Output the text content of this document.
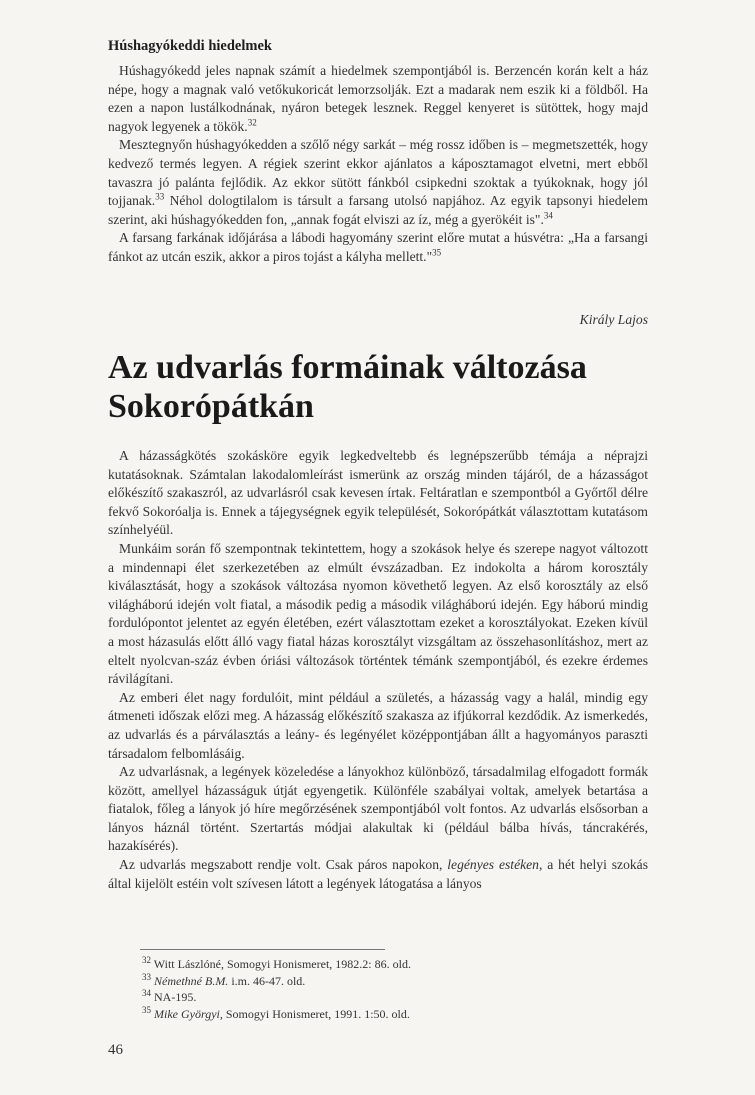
Húshagyókeddi hiedelmek

Húshagyókedd jeles napnak számít a hiedelmek szempontjából is. Berzencén korán kelt a ház népe, hogy a magnak való vetőkukoricát lemorzsolják. Ezt a madarak nem eszik ki a földből. Ha ezen a napon lustálkodnának, nyáron betegek lesznek. Reggel kenyeret is sütöttek, hogy majd nagyok legyenek a tökök.$^{32}$

Mesztegnyőn húshagyókedden a szőlő négy sarkát – még rossz időben is – megmetszették, hogy kedvező termés legyen. A régiek szerint ekkor ajánlatos a káposztamagot elvetni, mert ebből tavaszra jó palánta fejlődik. Az ekkor sütött fánkból csipkedni szoktak a tyúkoknak, hogy jól tojjanak.$^{33}$ Néhol dologtilalom is társult a farsang utolsó napjához. Az egyik tapsonyi hiedelem szerint, aki húshagyókedden fon, „annak fogát elviszi az íz, még a gyerökéit is".$^{34}$

A farsang farkának időjárása a lábodi hagyomány szerint előre mutat a húsvétra: „Ha a farsangi fánkot az utcán eszik, akkor a piros tojást a kályha mellett."$^{35}$

Király Lajos
Az udvarlás formáinak változása
Sokorópátkán

A házasságkötés szokásköre egyik legkedveltebb és legnépszerűbb témája a néprajzi kutatásoknak. Számtalan lakodalomleírást ismerünk az ország minden tájáról, de a házasságot előkészítő szakaszról, az udvarlásról csak kevesen írtak. Feltáratlan e szempontból a Győrtől délre fekvő Sokoróalja is. Ennek a tájegységnek egyik települését, Sokorópátkát választottam kutatásom színhelyéül.

Munkáim során fő szempontnak tekintettem, hogy a szokások helye és szerepe nagyot változott a mindennapi élet szerkezetében az elmúlt évszázadban. Ez indokolta a három korosztály kiválasztását, hogy a szokások változása nyomon követhető legyen. Az első korosztály az első világháború idején volt fiatal, a második pedig a második világháború idején. Egy háború mindig fordulópontot jelentet az egyén életében, ezért választottam ezeket a korosztályokat. Ezeken kívül a most házasulás előtt álló vagy fiatal házas korosztályt vizsgáltam az összehasonlításhoz, mert az eltelt nyolcvan-száz évben óriási változások történtek témánk szempontjából, és ezekre érdemes rávilágítani.

Az emberi élet nagy fordulóit, mint például a születés, a házasság vagy a halál, mindig egy átmeneti időszak előzi meg. A házasság előkészítő szakasza az ifjúkorral kezdődik. Az ismerkedés, az udvarlás és a párválasztás a leány- és legényélet középpontjában állt a hagyományos paraszti társadalom felbomlásáig.

Az udvarlásnak, a legények közeledése a lányokhoz különböző, társadalmilag elfogadott formák között, amellyel házasságuk útját egyengetik. Különféle szabályai voltak, amelyek betartása a fiatalok, főleg a lányok jó híre megőrzésének szempontjából volt fontos. Az udvarlás elsősorban a lányos háznál történt. Szertartás módjai alakultak ki (például bálba hívás, táncrakérés, hazakísérés).

Az udvarlás megszabott rendje volt. Csak páros napokon, legényes estéken, a hét helyi szokás által kijelölt estéin volt szívesen látott a legények látogatása a lányos

$^{32}$ Witt Lászlóné, Somogyi Honismeret, 1982.2: 86. old.
$^{33}$ Némethné B.M. i.m. 46-47. old.
$^{34}$ NA-195.
$^{35}$ Mike Györgyi, Somogyi Honismeret, 1991. 1:50. old.
46
